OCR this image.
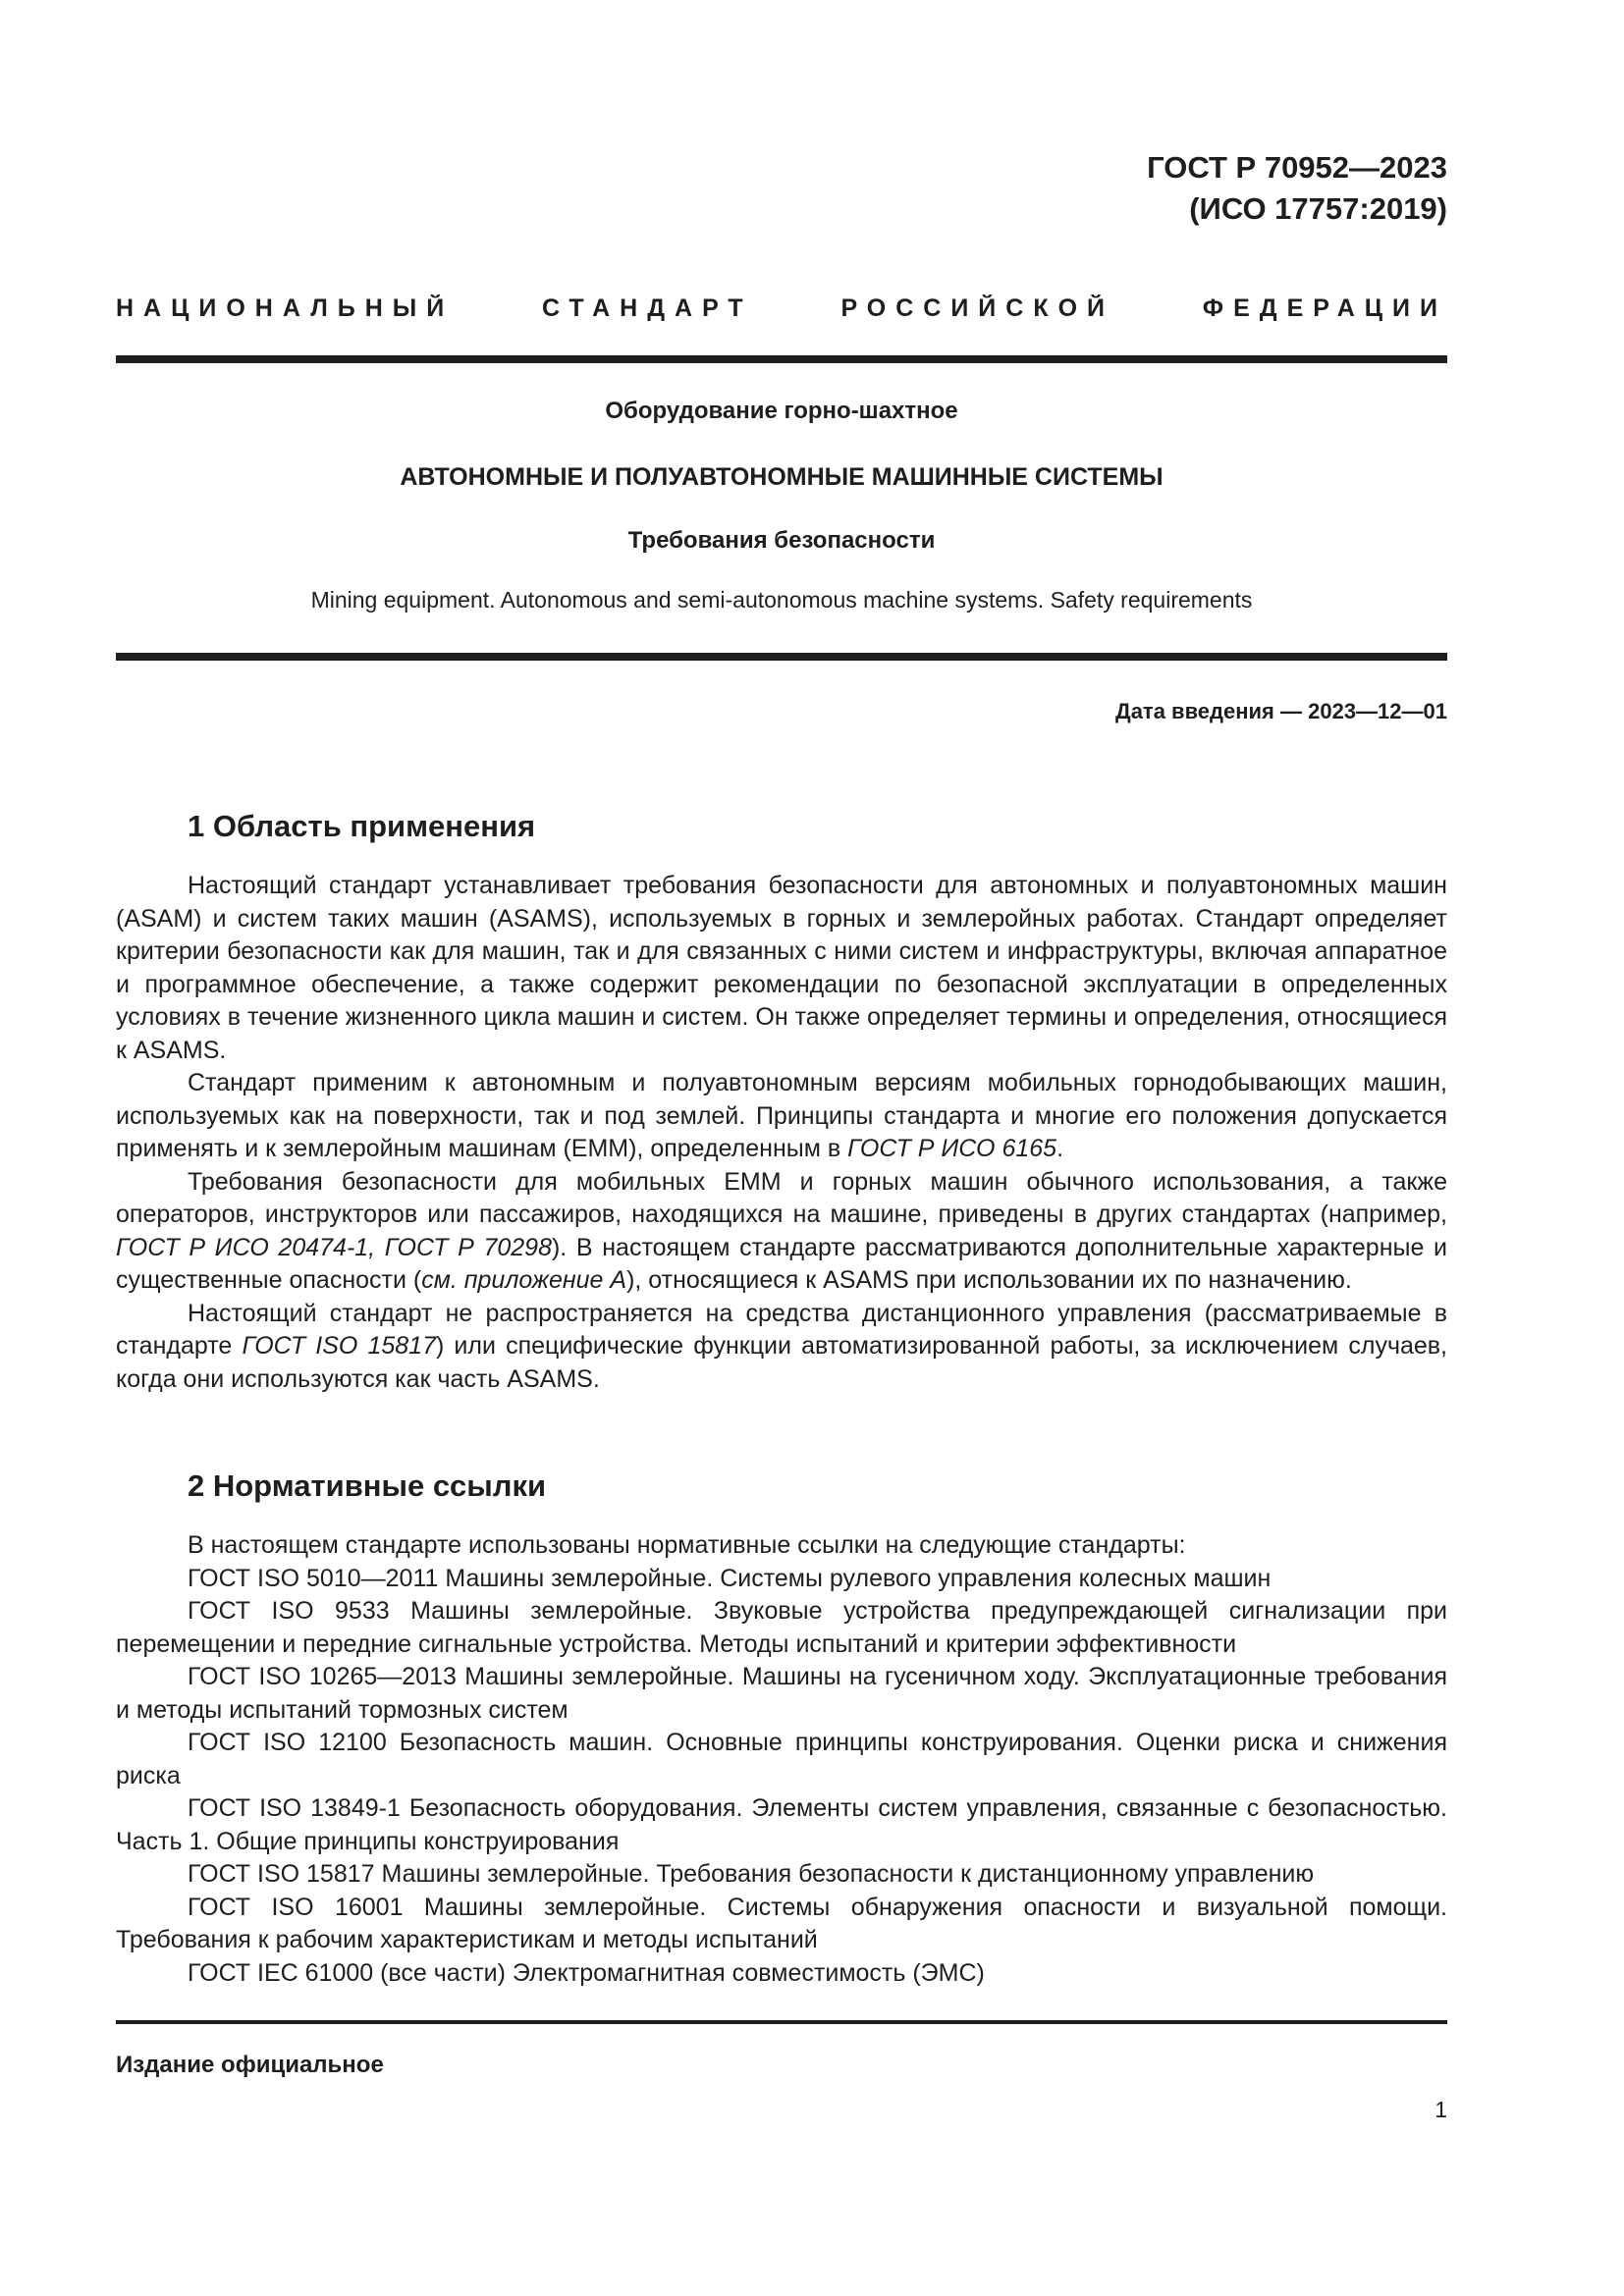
ГОСТ Р 70952—2023
(ИСО 17757:2019)
НАЦИОНАЛЬНЫЙ СТАНДАРТ РОССИЙСКОЙ ФЕДЕРАЦИИ
Оборудование горно-шахтное
АВТОНОМНЫЕ И ПОЛУАВТОНОМНЫЕ МАШИННЫЕ СИСТЕМЫ
Требования безопасности
Mining equipment. Autonomous and semi-autonomous machine systems. Safety requirements
Дата введения — 2023—12—01
1 Область применения

Настоящий стандарт устанавливает требования безопасности для автономных и полуавтономных машин (ASAM) и систем таких машин (ASAMS), используемых в горных и землеройных работах. Стандарт определяет критерии безопасности как для машин, так и для связанных с ними систем и инфраструктуры, включая аппаратное и программное обеспечение, а также содержит рекомендации по безопасной эксплуатации в определенных условиях в течение жизненного цикла машин и систем. Он также определяет термины и определения, относящиеся к ASAMS.

Стандарт применим к автономным и полуавтономным версиям мобильных горнодобывающих машин, используемых как на поверхности, так и под землей. Принципы стандарта и многие его положения допускается применять и к землеройным машинам (ЕММ), определенным в ГОСТ Р ИСО 6165.

Требования безопасности для мобильных ЕММ и горных машин обычного использования, а также операторов, инструкторов или пассажиров, находящихся на машине, приведены в других стандартах (например, ГОСТ Р ИСО 20474-1, ГОСТ Р 70298). В настоящем стандарте рассматриваются дополнительные характерные и существенные опасности (см. приложение А), относящиеся к ASAMS при использовании их по назначению.

Настоящий стандарт не распространяется на средства дистанционного управления (рассматриваемые в стандарте ГОСТ ISO 15817) или специфические функции автоматизированной работы, за исключением случаев, когда они используются как часть ASAMS.

2 Нормативные ссылки

В настоящем стандарте использованы нормативные ссылки на следующие стандарты:

ГОСТ ISO 5010—2011 Машины землеройные. Системы рулевого управления колесных машин

ГОСТ ISO 9533 Машины землеройные. Звуковые устройства предупреждающей сигнализации при перемещении и передние сигнальные устройства. Методы испытаний и критерии эффективности

ГОСТ ISO 10265—2013 Машины землеройные. Машины на гусеничном ходу. Эксплуатационные требования и методы испытаний тормозных систем

ГОСТ ISO 12100 Безопасность машин. Основные принципы конструирования. Оценки риска и снижения риска

ГОСТ ISO 13849-1 Безопасность оборудования. Элементы систем управления, связанные с безопасностью. Часть 1. Общие принципы конструирования

ГОСТ ISO 15817 Машины землеройные. Требования безопасности к дистанционному управлению

ГОСТ ISO 16001 Машины землеройные. Системы обнаружения опасности и визуальной помощи. Требования к рабочим характеристикам и методы испытаний

ГОСТ IEC 61000 (все части) Электромагнитная совместимость (ЭМС)

Издание официальное
1
